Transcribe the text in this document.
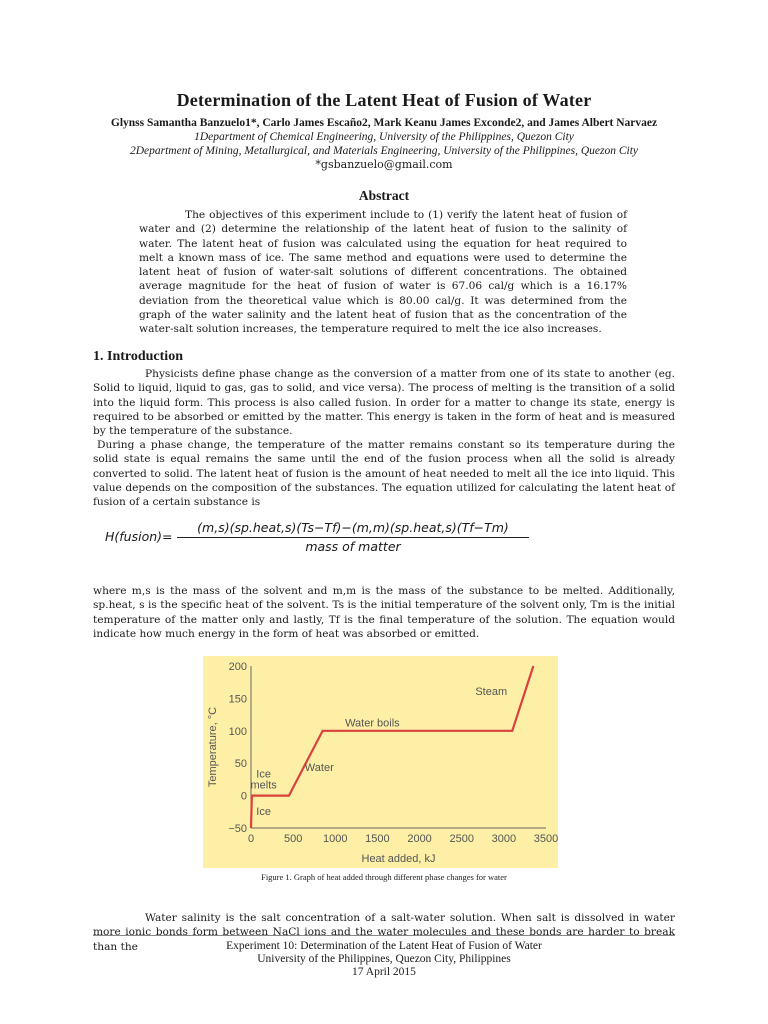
Determination of the Latent Heat of Fusion of Water
Glynss Samantha Banzuelo1*, Carlo James Escaño2, Mark Keanu James Exconde2, and James Albert Narvaez
1Department of Chemical Engineering, University of the Philippines, Quezon City
2Department of Mining, Metallurgical, and Materials Engineering, University of the Philippines, Quezon City
*gsbanzuelo@gmail.com
Abstract

The objectives of this experiment include to (1) verify the latent heat of fusion of water and (2) determine the relationship of the latent heat of fusion to the salinity of water. The latent heat of fusion was calculated using the equation for heat required to melt a known mass of ice. The same method and equations were used to determine the latent heat of fusion of water-salt solutions of different concentrations. The obtained average magnitude for the heat of fusion of water is 67.06 cal/g which is a 16.17% deviation from the theoretical value which is 80.00 cal/g. It was determined from the graph of the water salinity and the latent heat of fusion that as the concentration of the water-salt solution increases, the temperature required to melt the ice also increases.

1. Introduction

Physicists define phase change as the conversion of a matter from one of its state to another (eg. Solid to liquid, liquid to gas, gas to solid, and vice versa). The process of melting is the transition of a solid into the liquid form. This process is also called fusion. In order for a matter to change its state, energy is required to be absorbed or emitted by the matter. This energy is taken in the form of heat and is measured by the temperature of the substance.

During a phase change, the temperature of the matter remains constant so its temperature during the solid state is equal remains the same until the end of the fusion process when all the solid is already converted to solid. The latent heat of fusion is the amount of heat needed to melt all the ice into liquid. This value depends on the composition of the substances. The equation utilized for calculating the latent heat of fusion of a certain substance is

H(fusion)=
(m,s)(sp.heat,s)(Ts−Tf)−(m,m)(sp.heat,s)(Tf−Tm)
mass of matter

where m,s is the mass of the solvent and m,m is the mass of the substance to be melted. Additionally, sp.heat, s is the specific heat of the solvent. Ts is the initial temperature of the solvent only, Tm is the initial temperature of the matter only and lastly, Tf is the final temperature of the solution. The equation would indicate how much energy in the form of heat was absorbed or emitted.

0	500 1000 1500 2000 2500 3000 3500
−50
0
50
100
150
200
Heat added, kJ
Temperature, °C
Ice
Ice
melts
Water
Water boils
Steam
Figure 1. Graph of heat added through different phase changes for water

Water salinity is the salt concentration of a salt-water solution. When salt is dissolved in water more ionic bonds form between NaCl ions and the water molecules and these bonds are harder to break than the	Experiment 10: Determination of the Latent Heat of Fusion of Water
University of the Philippines, Quezon City, Philippines
17 April 2015
